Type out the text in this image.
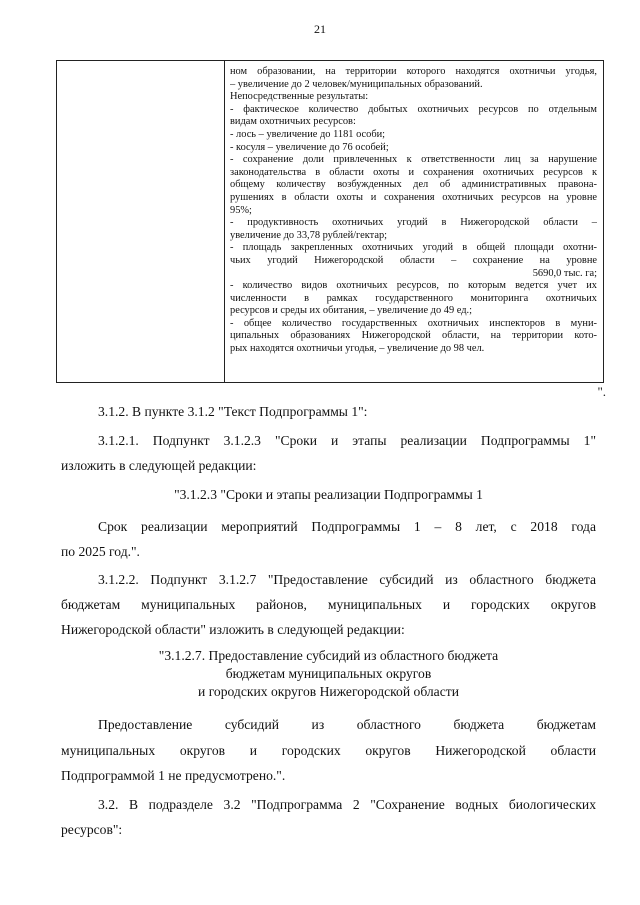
21
ном образовании, на территории которого находятся охотничьи угодья,
– увеличение до 2 человек/муниципальных образований.
Непосредственные результаты:
- фактическое количество добытых охотничьих ресурсов по отдельным
видам охотничьих ресурсов:
- лось – увеличение до 1181 особи;
- косуля – увеличение до 76 особей;
- сохранение доли привлеченных к ответственности лиц за нарушение
законодательства в области охоты и сохранения охотничьих ресурсов к
общему количеству возбужденных дел об административных правона-
рушениях в области охоты и сохранения охотничьих ресурсов на уровне
95%;
- продуктивность охотничьих угодий в Нижегородской области –
увеличение до 33,78 рублей/гектар;
- площадь закрепленных охотничьих угодий в общей площади охотни-
чьих угодий Нижегородской области – сохранение на уровне
5690,0 тыс. га;
- количество видов охотничьих ресурсов, по которым ведется учет их
численности в рамках государственного мониторинга охотничьих
ресурсов и среды их обитания, – увеличение до 49 ед.;
- общее количество государственных охотничьих инспекторов в муни-
ципальных образованиях Нижегородской области, на территории кото-
рых находятся охотничьи угодья, – увеличение до 98 чел.
".
3.1.2. В пункте 3.1.2 "Текст Подпрограммы 1":
3.1.2.1. Подпункт 3.1.2.3 "Сроки и этапы реализации Подпрограммы 1"
изложить в следующей редакции:
"3.1.2.3 "Сроки и этапы реализации Подпрограммы 1
Срок реализации мероприятий Подпрограммы 1 – 8 лет, с 2018 года
по 2025 год.".
3.1.2.2. Подпункт 3.1.2.7 "Предоставление субсидий из областного бюджета
бюджетам муниципальных районов, муниципальных и городских округов
Нижегородской области" изложить в следующей редакции:
"3.1.2.7. Предоставление субсидий из областного бюджета
бюджетам муниципальных округов
и городских округов Нижегородской области
Предоставление субсидий из областного бюджета бюджетам
муниципальных округов и городских округов Нижегородской области
Подпрограммой 1 не предусмотрено.".
3.2. В подразделе 3.2 "Подпрограмма 2 "Сохранение водных биологических
ресурсов":
